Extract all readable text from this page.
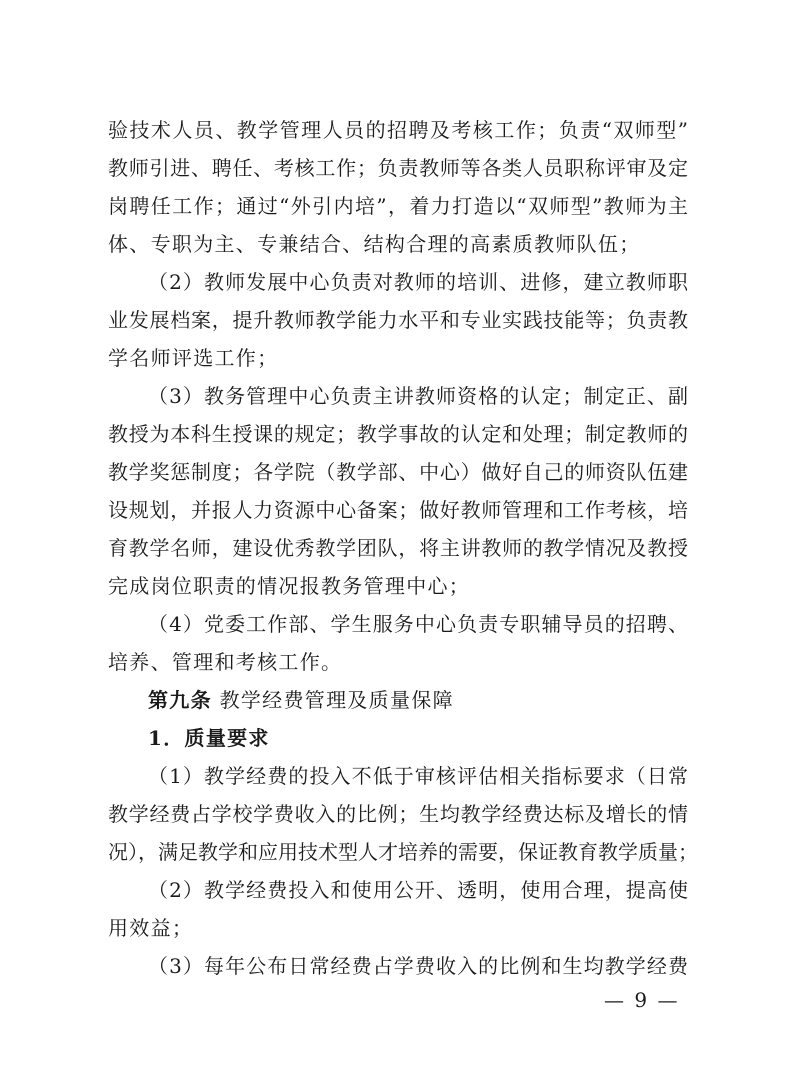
验技术人员、教学管理人员的招聘及考核工作；负责“双师型”
教师引进、聘任、考核工作；负责教师等各类人员职称评审及定
岗聘任工作；通过“外引内培”，着力打造以“双师型”教师为主
体、专职为主、专兼结合、结构合理的高素质教师队伍；
（2）教师发展中心负责对教师的培训、进修，建立教师职
业发展档案，提升教师教学能力水平和专业实践技能等；负责教
学名师评选工作；
（3）教务管理中心负责主讲教师资格的认定；制定正、副
教授为本科生授课的规定；教学事故的认定和处理；制定教师的
教学奖惩制度；各学院（教学部、中心）做好自己的师资队伍建
设规划，并报人力资源中心备案；做好教师管理和工作考核，培
育教学名师，建设优秀教学团队，将主讲教师的教学情况及教授
完成岗位职责的情况报教务管理中心；
（4）党委工作部、学生服务中心负责专职辅导员的招聘、
培养、管理和考核工作。
第九条 教学经费管理及质量保障
1．质量要求
（1）教学经费的投入不低于审核评估相关指标要求（日常
教学经费占学校学费收入的比例；生均教学经费达标及增长的情
况），满足教学和应用技术型人才培养的需要，保证教育教学质量；
（2）教学经费投入和使用公开、透明，使用合理，提高使
用效益；
（3）每年公布日常经费占学费收入的比例和生均教学经费
— 9 —
